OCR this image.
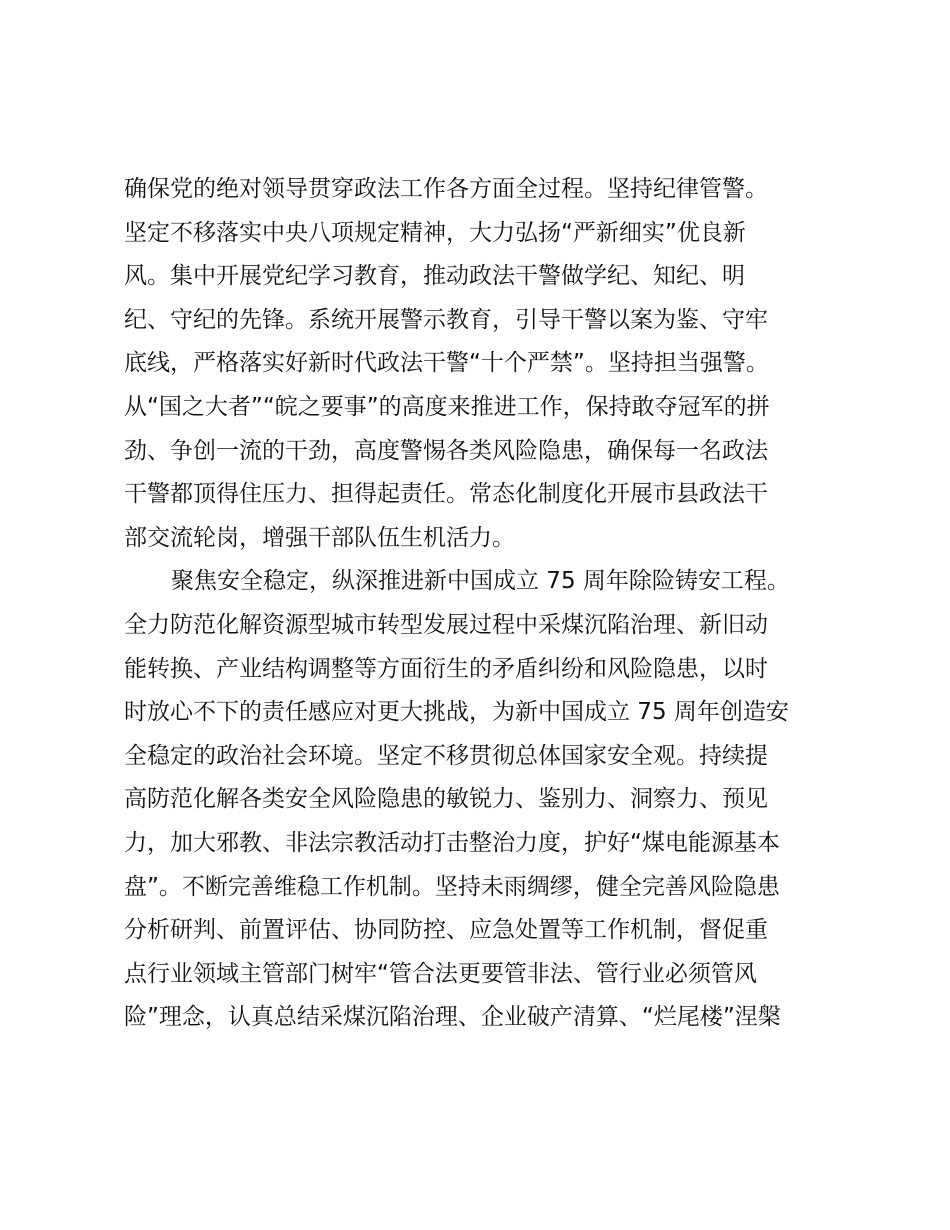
确保党的绝对领导贯穿政法工作各方面全过程。坚持纪律管警。
坚定不移落实中央八项规定精神，大力弘扬“严新细实”优良新
风。集中开展党纪学习教育，推动政法干警做学纪、知纪、明
纪、守纪的先锋。系统开展警示教育，引导干警以案为鉴、守牢
底线，严格落实好新时代政法干警“十个严禁”。坚持担当强警。
从“国之大者”“皖之要事”的高度来推进工作，保持敢夺冠军的拼
劲、争创一流的干劲，高度警惕各类风险隐患，确保每一名政法
干警都顶得住压力、担得起责任。常态化制度化开展市县政法干
部交流轮岗，增强干部队伍生机活力。
聚焦安全稳定，纵深推进新中国成立 75 周年除险铸安工程。
全力防范化解资源型城市转型发展过程中采煤沉陷治理、新旧动
能转换、产业结构调整等方面衍生的矛盾纠纷和风险隐患，以时
时放心不下的责任感应对更大挑战，为新中国成立 75 周年创造安
全稳定的政治社会环境。坚定不移贯彻总体国家安全观。持续提
高防范化解各类安全风险隐患的敏锐力、鉴别力、洞察力、预见
力，加大邪教、非法宗教活动打击整治力度，护好“煤电能源基本
盘”。不断完善维稳工作机制。坚持未雨绸缪，健全完善风险隐患
分析研判、前置评估、协同防控、应急处置等工作机制，督促重
点行业领域主管部门树牢“管合法更要管非法、管行业必须管风
险”理念，认真总结采煤沉陷治理、企业破产清算、“烂尾楼”涅槃
